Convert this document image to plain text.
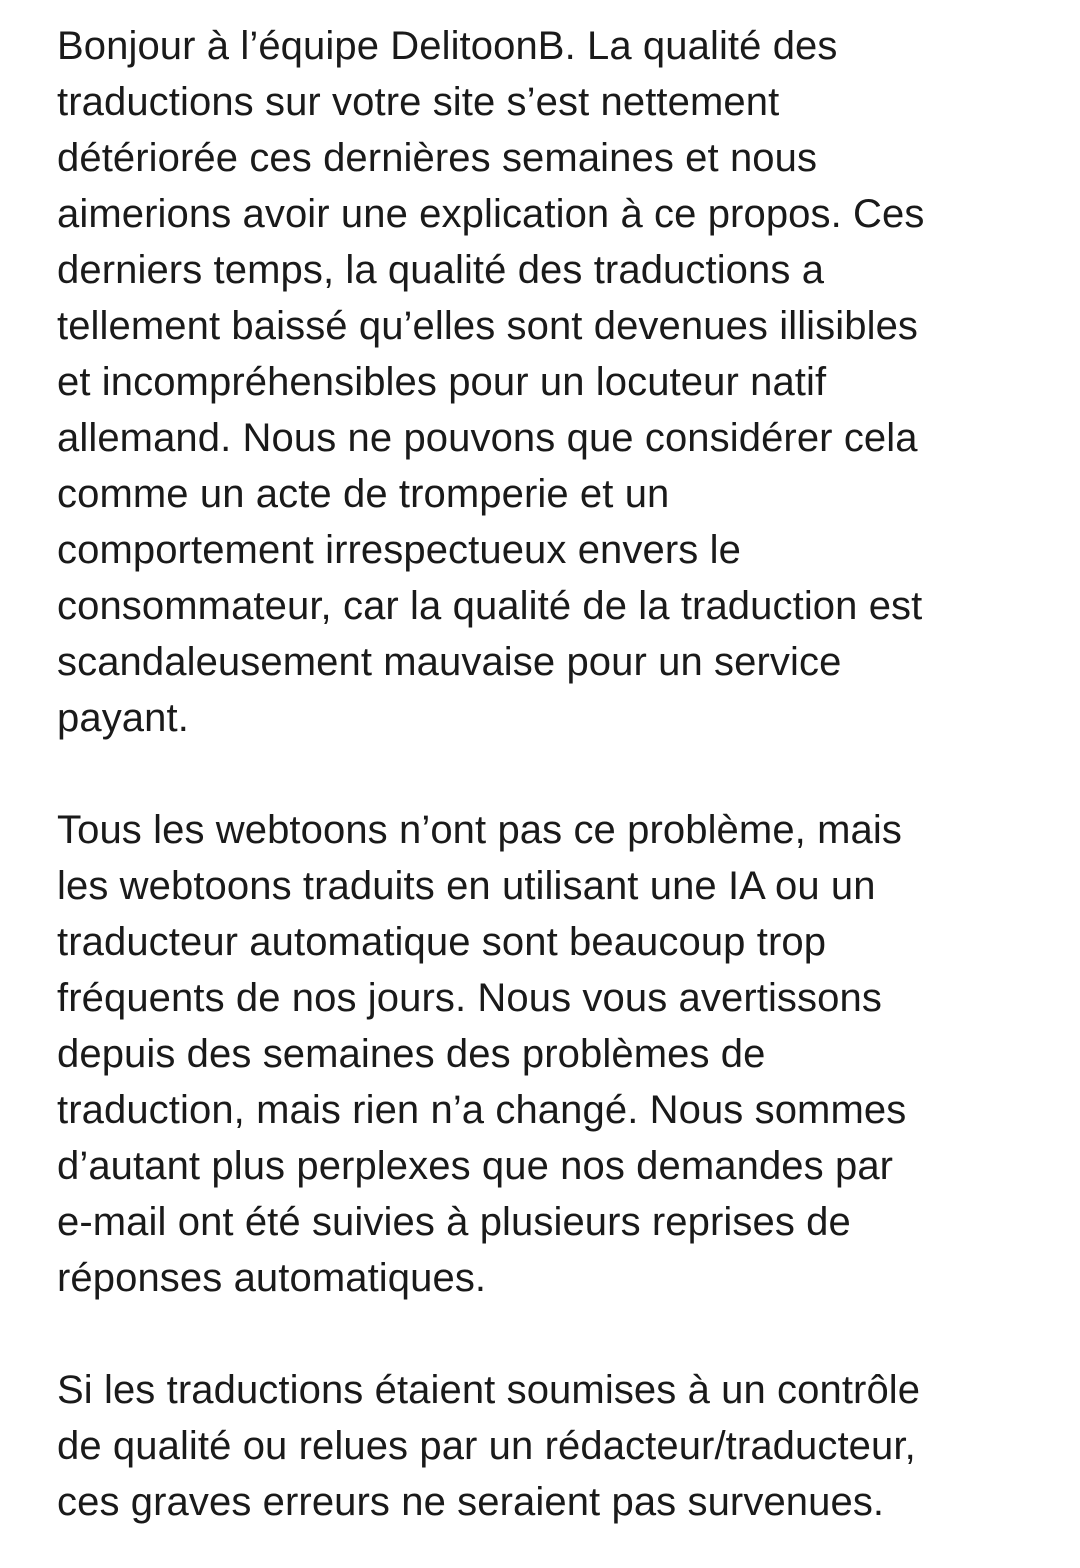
Bonjour à l’équipe DelitoonB. La qualité des
traductions sur votre site s’est nettement
détériorée ces dernières semaines et nous
aimerions avoir une explication à ce propos. Ces
derniers temps, la qualité des traductions a
tellement baissé qu’elles sont devenues illisibles
et incompréhensibles pour un locuteur natif
allemand. Nous ne pouvons que considérer cela
comme un acte de tromperie et un
comportement irrespectueux envers le
consommateur, car la qualité de la traduction est
scandaleusement mauvaise pour un service
payant.
Tous les webtoons n’ont pas ce problème, mais
les webtoons traduits en utilisant une IA ou un
traducteur automatique sont beaucoup trop
fréquents de nos jours. Nous vous avertissons
depuis des semaines des problèmes de
traduction, mais rien n’a changé. Nous sommes
d’autant plus perplexes que nos demandes par
e-mail ont été suivies à plusieurs reprises de
réponses automatiques.
Si les traductions étaient soumises à un contrôle
de qualité ou relues par un rédacteur/traducteur,
ces graves erreurs ne seraient pas survenues.
